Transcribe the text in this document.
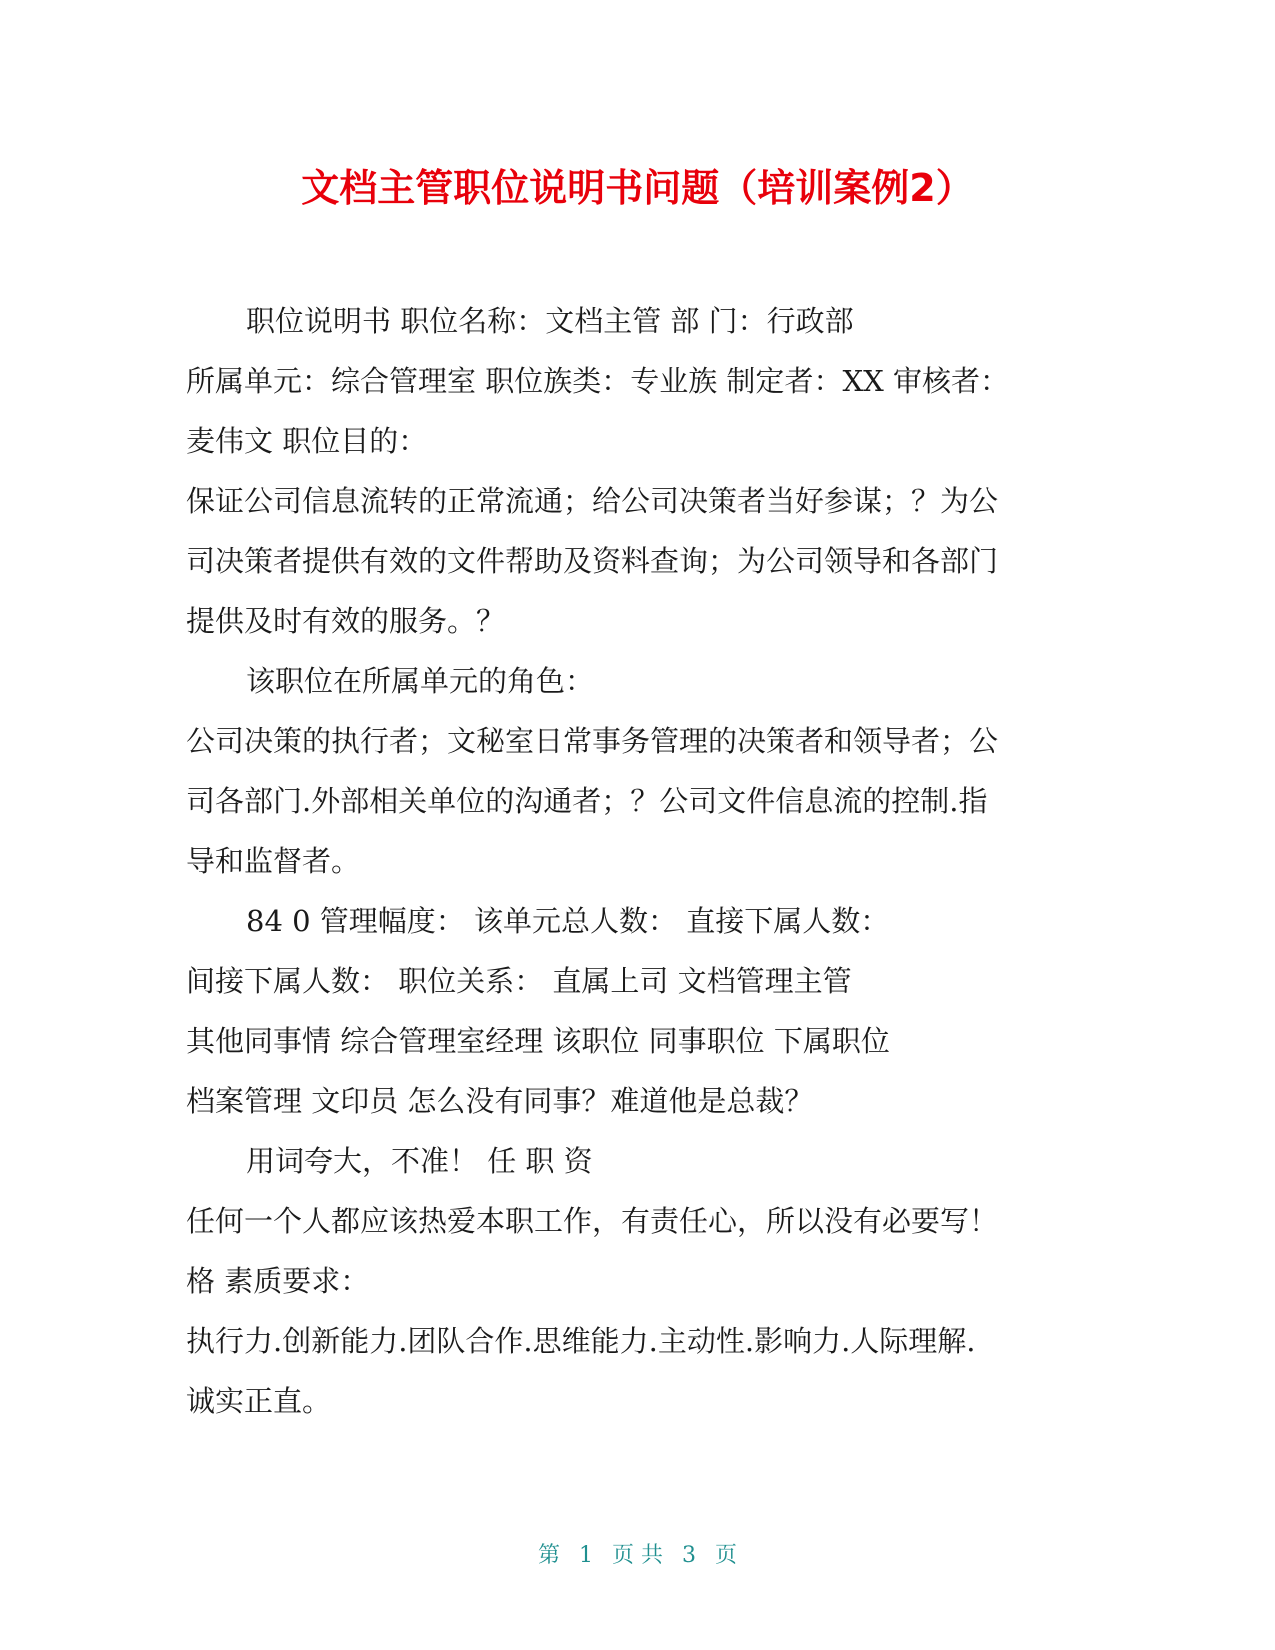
文档主管职位说明书问题（培训案例2）
职位说明书 职位名称：文档主管 部 门：行政部
所属单元：综合管理室 职位族类：专业族 制定者：XX 审核者：
麦伟文 职位目的：
保证公司信息流转的正常流通；给公司决策者当好参谋；？为公
司决策者提供有效的文件帮助及资料查询；为公司领导和各部门
提供及时有效的服务。？
该职位在所属单元的角色：
公司决策的执行者；文秘室日常事务管理的决策者和领导者；公
司各部门.外部相关单位的沟通者；？公司文件信息流的控制.指
导和监督者。
84 0 管理幅度： 该单元总人数： 直接下属人数：
间接下属人数： 职位关系： 直属上司 文档管理主管
其他同事情 综合管理室经理 该职位 同事职位 下属职位
档案管理 文印员 怎么没有同事？难道他是总裁？
用词夸大，不准！ 任 职 资
任何一个人都应该热爱本职工作，有责任心，所以没有必要写！
格 素质要求：
执行力.创新能力.团队合作.思维能力.主动性.影响力.人际理解.
诚实正直。
第 1 页 共 3 页
